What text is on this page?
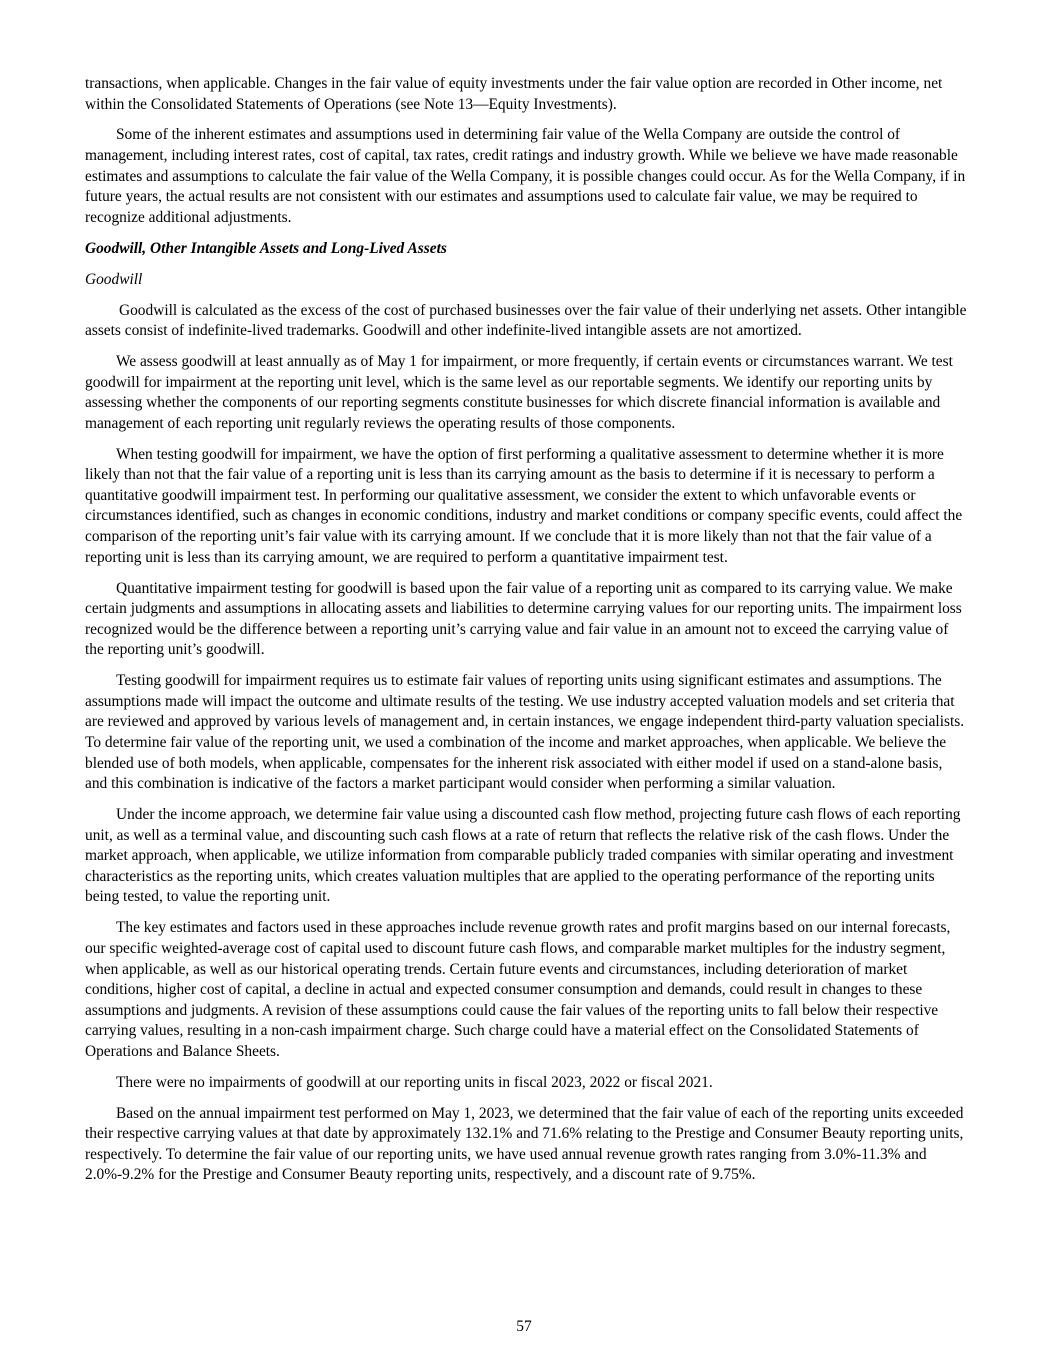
transactions, when applicable. Changes in the fair value of equity investments under the fair value option are recorded in Other income, net within the Consolidated Statements of Operations (see Note 13—Equity Investments).

Some of the inherent estimates and assumptions used in determining fair value of the Wella Company are outside the control of management, including interest rates, cost of capital, tax rates, credit ratings and industry growth. While we believe we have made reasonable estimates and assumptions to calculate the fair value of the Wella Company, it is possible changes could occur. As for the Wella Company, if in future years, the actual results are not consistent with our estimates and assumptions used to calculate fair value, we may be required to recognize additional adjustments.

Goodwill, Other Intangible Assets and Long-Lived Assets

Goodwill

Goodwill is calculated as the excess of the cost of purchased businesses over the fair value of their underlying net assets. Other intangible assets consist of indefinite-lived trademarks. Goodwill and other indefinite-lived intangible assets are not amortized.

We assess goodwill at least annually as of May 1 for impairment, or more frequently, if certain events or circumstances warrant. We test goodwill for impairment at the reporting unit level, which is the same level as our reportable segments. We identify our reporting units by assessing whether the components of our reporting segments constitute businesses for which discrete financial information is available and management of each reporting unit regularly reviews the operating results of those components.

When testing goodwill for impairment, we have the option of first performing a qualitative assessment to determine whether it is more likely than not that the fair value of a reporting unit is less than its carrying amount as the basis to determine if it is necessary to perform a quantitative goodwill impairment test. In performing our qualitative assessment, we consider the extent to which unfavorable events or circumstances identified, such as changes in economic conditions, industry and market conditions or company specific events, could affect the comparison of the reporting unit’s fair value with its carrying amount. If we conclude that it is more likely than not that the fair value of a reporting unit is less than its carrying amount, we are required to perform a quantitative impairment test.

Quantitative impairment testing for goodwill is based upon the fair value of a reporting unit as compared to its carrying value. We make certain judgments and assumptions in allocating assets and liabilities to determine carrying values for our reporting units. The impairment loss recognized would be the difference between a reporting unit’s carrying value and fair value in an amount not to exceed the carrying value of the reporting unit’s goodwill.

Testing goodwill for impairment requires us to estimate fair values of reporting units using significant estimates and assumptions. The assumptions made will impact the outcome and ultimate results of the testing. We use industry accepted valuation models and set criteria that are reviewed and approved by various levels of management and, in certain instances, we engage independent third-party valuation specialists. To determine fair value of the reporting unit, we used a combination of the income and market approaches, when applicable. We believe the blended use of both models, when applicable, compensates for the inherent risk associated with either model if used on a stand-alone basis, and this combination is indicative of the factors a market participant would consider when performing a similar valuation.

Under the income approach, we determine fair value using a discounted cash flow method, projecting future cash flows of each reporting unit, as well as a terminal value, and discounting such cash flows at a rate of return that reflects the relative risk of the cash flows. Under the market approach, when applicable, we utilize information from comparable publicly traded companies with similar operating and investment characteristics as the reporting units, which creates valuation multiples that are applied to the operating performance of the reporting units being tested, to value the reporting unit.

The key estimates and factors used in these approaches include revenue growth rates and profit margins based on our internal forecasts, our specific weighted-average cost of capital used to discount future cash flows, and comparable market multiples for the industry segment, when applicable, as well as our historical operating trends. Certain future events and circumstances, including deterioration of market conditions, higher cost of capital, a decline in actual and expected consumer consumption and demands, could result in changes to these assumptions and judgments. A revision of these assumptions could cause the fair values of the reporting units to fall below their respective carrying values, resulting in a non-cash impairment charge. Such charge could have a material effect on the Consolidated Statements of Operations and Balance Sheets.

There were no impairments of goodwill at our reporting units in fiscal 2023, 2022 or fiscal 2021.

Based on the annual impairment test performed on May 1, 2023, we determined that the fair value of each of the reporting units exceeded their respective carrying values at that date by approximately 132.1% and 71.6% relating to the Prestige and Consumer Beauty reporting units, respectively. To determine the fair value of our reporting units, we have used annual revenue growth rates ranging from 3.0%-11.3% and 2.0%-9.2% for the Prestige and Consumer Beauty reporting units, respectively, and a discount rate of 9.75%.

57
